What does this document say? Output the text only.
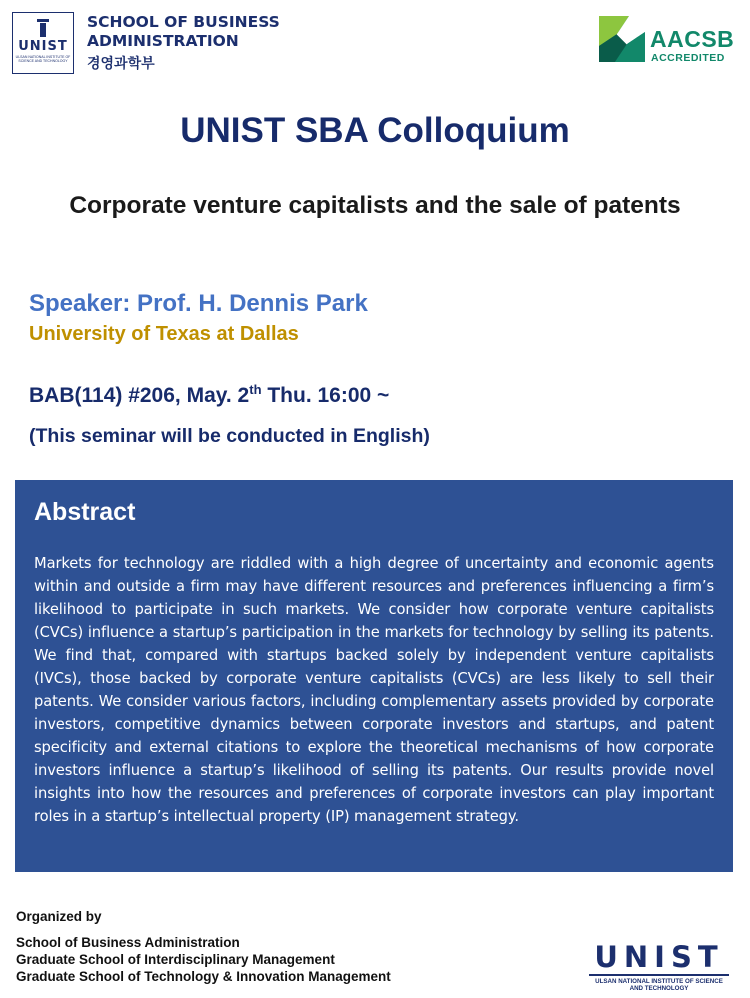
UNIST
ULSAN NATIONAL INSTITUTE OF SCIENCE AND TECHNOLOGY
SCHOOL OF BUSINESS ADMINISTRATION
경영과학부
AACSB
ACCREDITED
UNIST SBA Colloquium
Corporate venture capitalists and the sale of patents
Speaker: Prof. H. Dennis Park
University of Texas at Dallas
BAB(114) #206, May. 2th Thu. 16:00 ~
(This seminar will be conducted in English)
Abstract
Markets for technology are riddled with a high degree of uncertainty and economic agents within and outside a firm may have different resources and preferences influencing a firm’s likelihood to participate in such markets. We consider how corporate venture capitalists (CVCs) influence a startup’s participation in the markets for technology by selling its patents. We find that, compared with startups backed solely by independent venture capitalists (IVCs), those backed by corporate venture capitalists (CVCs) are less likely to sell their patents. We consider various factors, including complementary assets provided by corporate investors, competitive dynamics between corporate investors and startups, and patent specificity and external citations to explore the theoretical mechanisms of how corporate investors influence a startup’s likelihood of selling its patents. Our results provide novel insights into how the resources and preferences of corporate investors can play important roles in a startup’s intellectual property (IP) management strategy.
Organized by
School of Business Administration
Graduate School of Interdisciplinary Management
Graduate School of Technology & Innovation Management
UNIST
ULSAN NATIONAL INSTITUTE OF SCIENCE AND TECHNOLOGY
